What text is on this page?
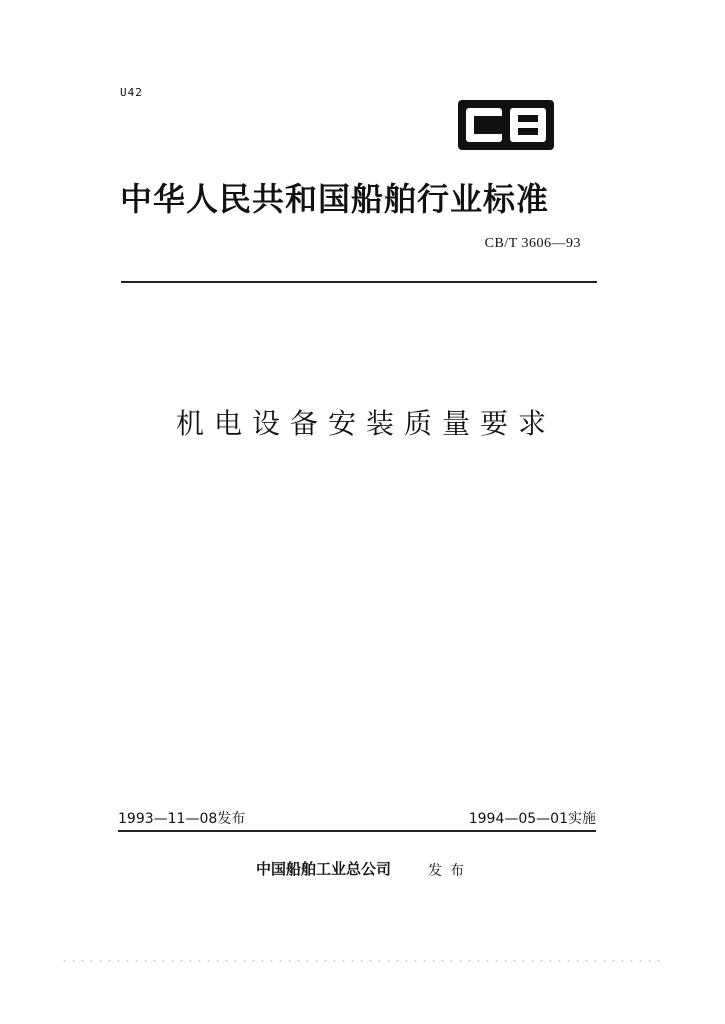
U42
中华人民共和国船舶行业标准
CB/T 3606—93
机电设备安装质量要求
1993—11—08发布	1994—05—01实施
中国船舶工业总公司	发布
